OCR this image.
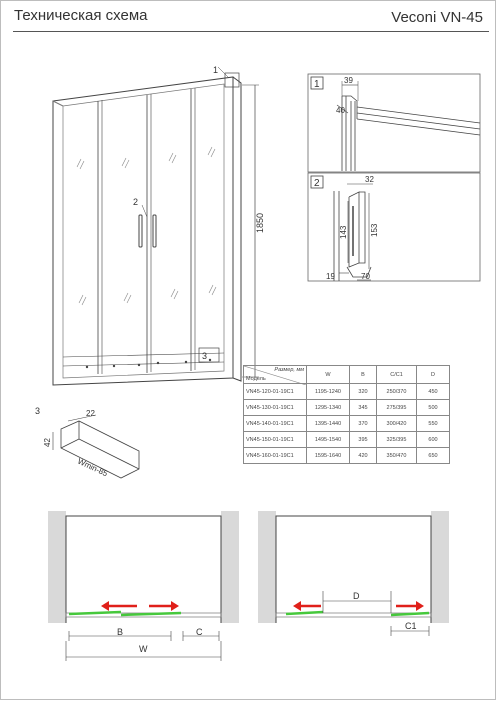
Техническая схема	Veconi VN-45
1
2
3
1850
1	39
40
2	32
143	153
19	70
3	22
42
Wmin-85
B	C
W
D
C1
Размер, мм
Модель	W	B	C/C1	D
VN45-120-01-19C1	1195-1240	320	250/370	450
VN45-130-01-19C1	1295-1340	345	275/395	500
VN45-140-01-19C1	1395-1440	370	300/420	550
VN45-150-01-19C1	1495-1540	395	325/395	600
VN45-160-01-19C1	1595-1640	420	350/470	650
